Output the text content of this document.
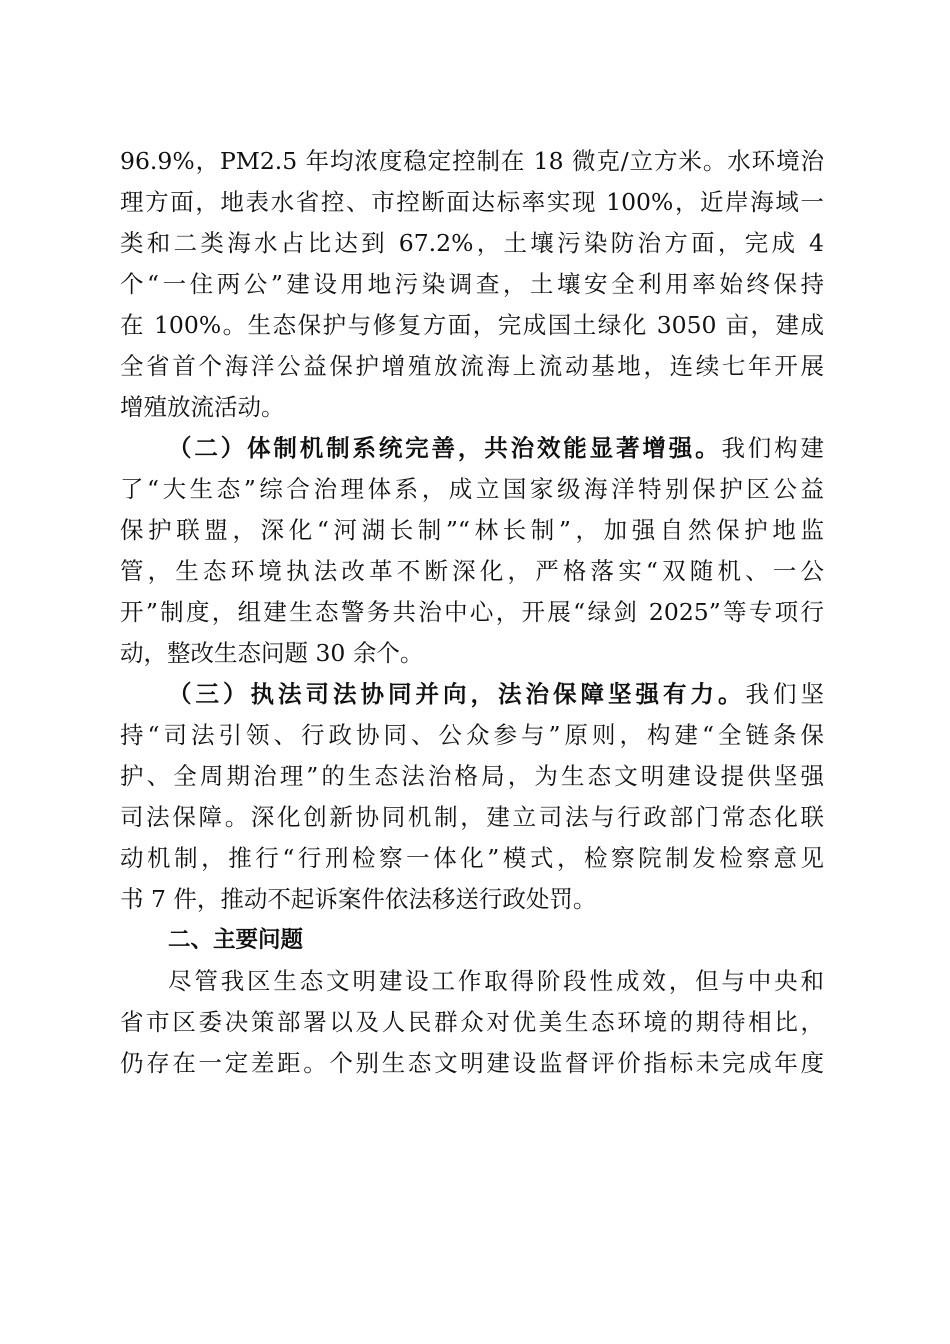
96.9%，PM2.5 年均浓度稳定控制在 18 微克/立方米。水环境治
理方面，地表水省控、市控断面达标率实现 100%，近岸海域一
类和二类海水占比达到 67.2%，土壤污染防治方面，完成 4
个“一住两公”建设用地污染调查，土壤安全利用率始终保持
在 100%。生态保护与修复方面，完成国土绿化 3050 亩，建成
全省首个海洋公益保护增殖放流海上流动基地，连续七年开展
增殖放流活动。
（二）体制机制系统完善，共治效能显著增强。我们构建
了“大生态”综合治理体系，成立国家级海洋特别保护区公益
保护联盟，深化“河湖长制”“林长制”，加强自然保护地监
管，生态环境执法改革不断深化，严格落实“双随机、一公
开”制度，组建生态警务共治中心，开展“绿剑 2025”等专项行
动，整改生态问题 30 余个。
（三）执法司法协同并向，法治保障坚强有力。我们坚
持“司法引领、行政协同、公众参与”原则，构建“全链条保
护、全周期治理”的生态法治格局，为生态文明建设提供坚强
司法保障。深化创新协同机制，建立司法与行政部门常态化联
动机制，推行“行刑检察一体化”模式，检察院制发检察意见
书 7 件，推动不起诉案件依法移送行政处罚。
二、主要问题
尽管我区生态文明建设工作取得阶段性成效，但与中央和
省市区委决策部署以及人民群众对优美生态环境的期待相比，
仍存在一定差距。个别生态文明建设监督评价指标未完成年度
